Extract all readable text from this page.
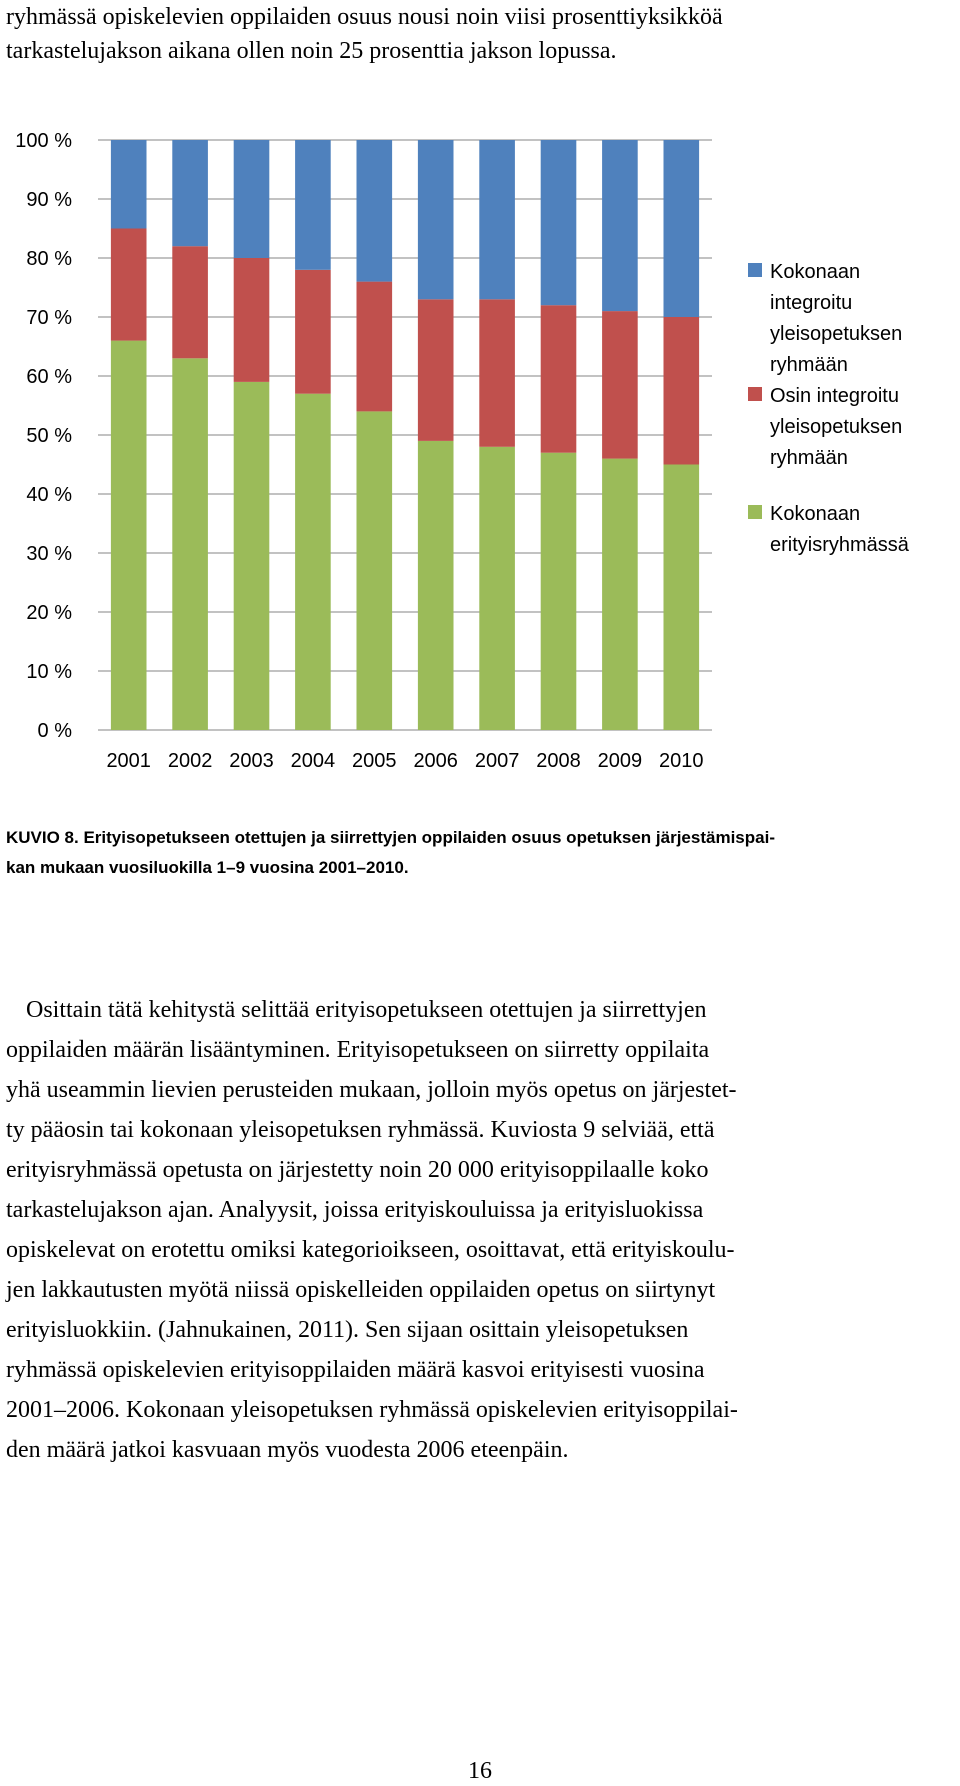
ryhmässä opiskelevien oppilaiden osuus nousi noin viisi prosenttiyksikköä
tarkastelujakson aikana ollen noin 25 prosenttia jakson lopussa.

0 %
10 %
20 %
30 %
40 %
50 %
60 %
70 %
80 %
90 %
100 %
2001 2002 2003 2004 2005 2006 2007 2008 2009 2010
Kokonaan
integroitu
yleisopetuksen
ryhmään
Osin integroitu
yleisopetuksen
ryhmään
Kokonaan
erityisryhmässä
KUVIO 8. Erityisopetukseen otettujen ja siirrettyjen oppilaiden osuus opetuksen järjestämispai-
kan mukaan vuosiluokilla 1–9 vuosina 2001–2010.

Osittain tätä kehitystä selittää erityisopetukseen otettujen ja siirrettyjen
oppilaiden määrän lisääntyminen. Erityisopetukseen on siirretty oppilaita
yhä useammin lievien perusteiden mukaan, jolloin myös opetus on järjestet-
ty pääosin tai kokonaan yleisopetuksen ryhmässä. Kuviosta 9 selviää, että
erityisryhmässä opetusta on järjestetty noin 20 000 erityisoppilaalle koko
tarkastelujakson ajan. Analyysit, joissa erityiskouluissa ja erityisluokissa
opiskelevat on erotettu omiksi kategorioikseen, osoittavat, että erityiskoulu-
jen lakkautusten myötä niissä opiskelleiden oppilaiden opetus on siirtynyt
erityisluokkiin. (Jahnukainen, 2011). Sen sijaan osittain yleisopetuksen
ryhmässä opiskelevien erityisoppilaiden määrä kasvoi erityisesti vuosina
2001–2006. Kokonaan yleisopetuksen ryhmässä opiskelevien erityisoppilai-
den määrä jatkoi kasvuaan myös vuodesta 2006 eteenpäin.

16
